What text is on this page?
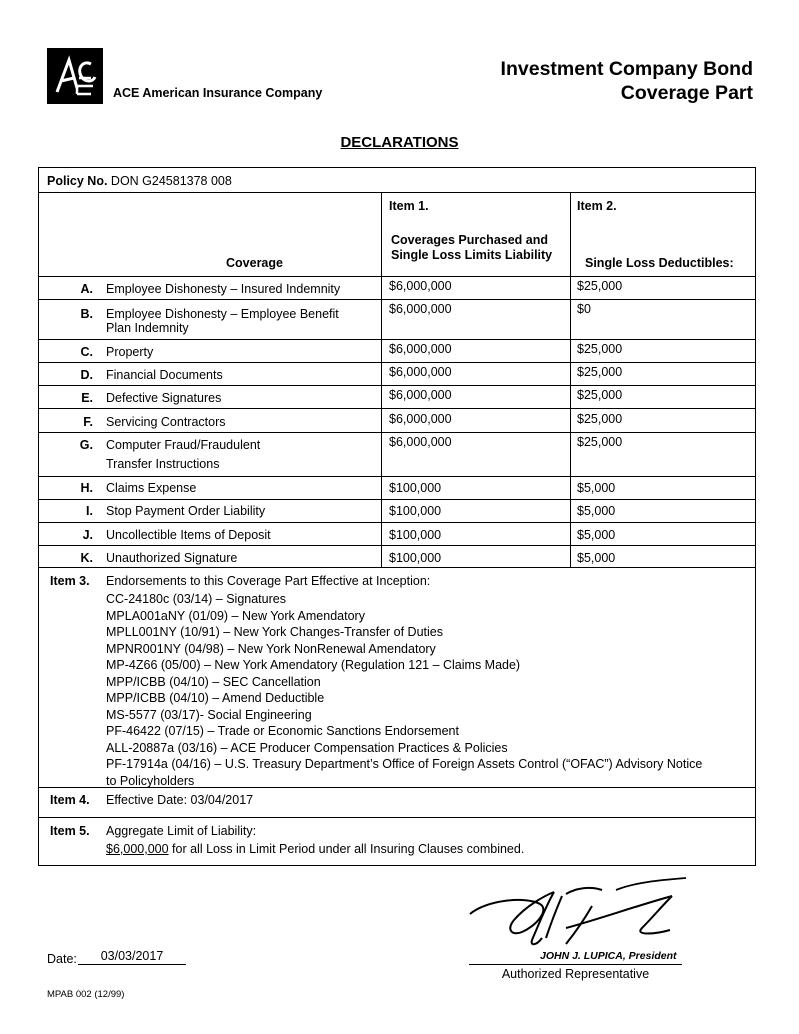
ACE American Insurance Company
Investment Company Bond
Coverage Part
DECLARATIONS
Policy No. DON G24581378 008
Coverage
Item 1.
Coverages Purchased and
Single Loss Limits Liability
Item 2.
Single Loss Deductibles:
A. Employee Dishonesty – Insured Indemnity	$6,000,000	$25,000
B. Employee Dishonesty – Employee Benefit
Plan Indemnity
$6,000,000	$0
C. Property	$6,000,000	$25,000
D. Financial Documents	$6,000,000	$25,000
E. Defective Signatures	$6,000,000	$25,000
F. Servicing Contractors	$6,000,000	$25,000
G. Computer Fraud/Fraudulent
Transfer Instructions
$6,000,000	$25,000
H. Claims Expense	$100,000	$5,000
I. Stop Payment Order Liability	$100,000	$5,000
J. Uncollectible Items of Deposit	$100,000	$5,000
K. Unauthorized Signature	$100,000	$5,000
Item 3. Endorsements to this Coverage Part Effective at Inception:
CC-24180c (03/14) – Signatures
MPLA001aNY (01/09) – New York Amendatory
MPLL001NY (10/91) – New York Changes-Transfer of Duties
MPNR001NY (04/98) – New York NonRenewal Amendatory
MP-4Z66 (05/00) – New York Amendatory (Regulation 121 – Claims Made)
MPP/ICBB (04/10) – SEC Cancellation
MPP/ICBB (04/10) – Amend Deductible
MS-5577 (03/17)- Social Engineering
PF-46422 (07/15) – Trade or Economic Sanctions Endorsement
ALL-20887a (03/16) – ACE Producer Compensation Practices & Policies
PF-17914a (04/16) – U.S. Treasury Department’s Office of Foreign Assets Control (“OFAC”) Advisory Notice
to Policyholders
Item 4. Effective Date: 03/04/2017
Item 5. Aggregate Limit of Liability:
$6,000,000 for all Loss in Limit Period under all Insuring Clauses combined.
Date:	03/03/2017	JOHN J. LUPICA, President
Authorized Representative
MPAB 002 (12/99)
